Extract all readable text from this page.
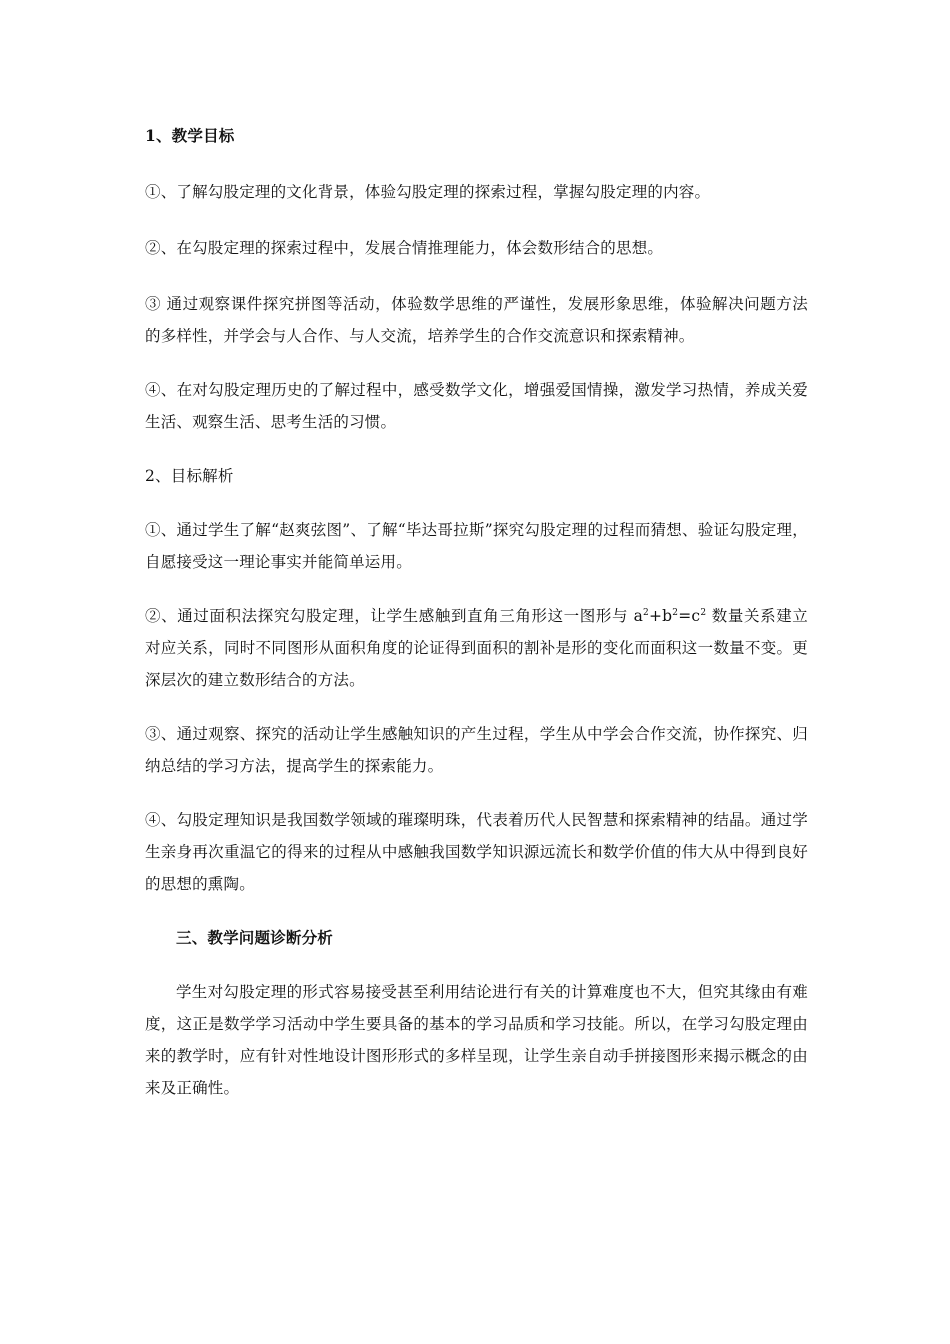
1、教学目标

①、了解勾股定理的文化背景，体验勾股定理的探索过程，掌握勾股定理的内容。

②、在勾股定理的探索过程中，发展合情推理能力，体会数形结合的思想。

③ 通过观察课件探究拼图等活动，体验数学思维的严谨性，发展形象思维，体验解决问题方法的多样性，并学会与人合作、与人交流，培养学生的合作交流意识和探索精神。

④、在对勾股定理历史的了解过程中，感受数学文化，增强爱国情操，激发学习热情，养成关爱生活、观察生活、思考生活的习惯。

2、目标解析

①、通过学生了解“赵爽弦图”、了解“毕达哥拉斯”探究勾股定理的过程而猜想、验证勾股定理，自愿接受这一理论事实并能简单运用。

②、通过面积法探究勾股定理，让学生感触到直角三角形这一图形与 $a^2+b^2=c^2$ 数量关系建立对应关系，同时不同图形从面积角度的论证得到面积的割补是形的变化而面积这一数量不变。更深层次的建立数形结合的方法。

③、通过观察、探究的活动让学生感触知识的产生过程，学生从中学会合作交流，协作探究、归纳总结的学习方法，提高学生的探索能力。

④、勾股定理知识是我国数学领域的璀璨明珠，代表着历代人民智慧和探索精神的结晶。通过学生亲身再次重温它的得来的过程从中感触我国数学知识源远流长和数学价值的伟大从中得到良好的思想的熏陶。

三、教学问题诊断分析

学生对勾股定理的形式容易接受甚至利用结论进行有关的计算难度也不大，但究其缘由有难度，这正是数学学习活动中学生要具备的基本的学习品质和学习技能。所以，在学习勾股定理由来的教学时，应有针对性地设计图形形式的多样呈现，让学生亲自动手拼接图形来揭示概念的由来及正确性。
